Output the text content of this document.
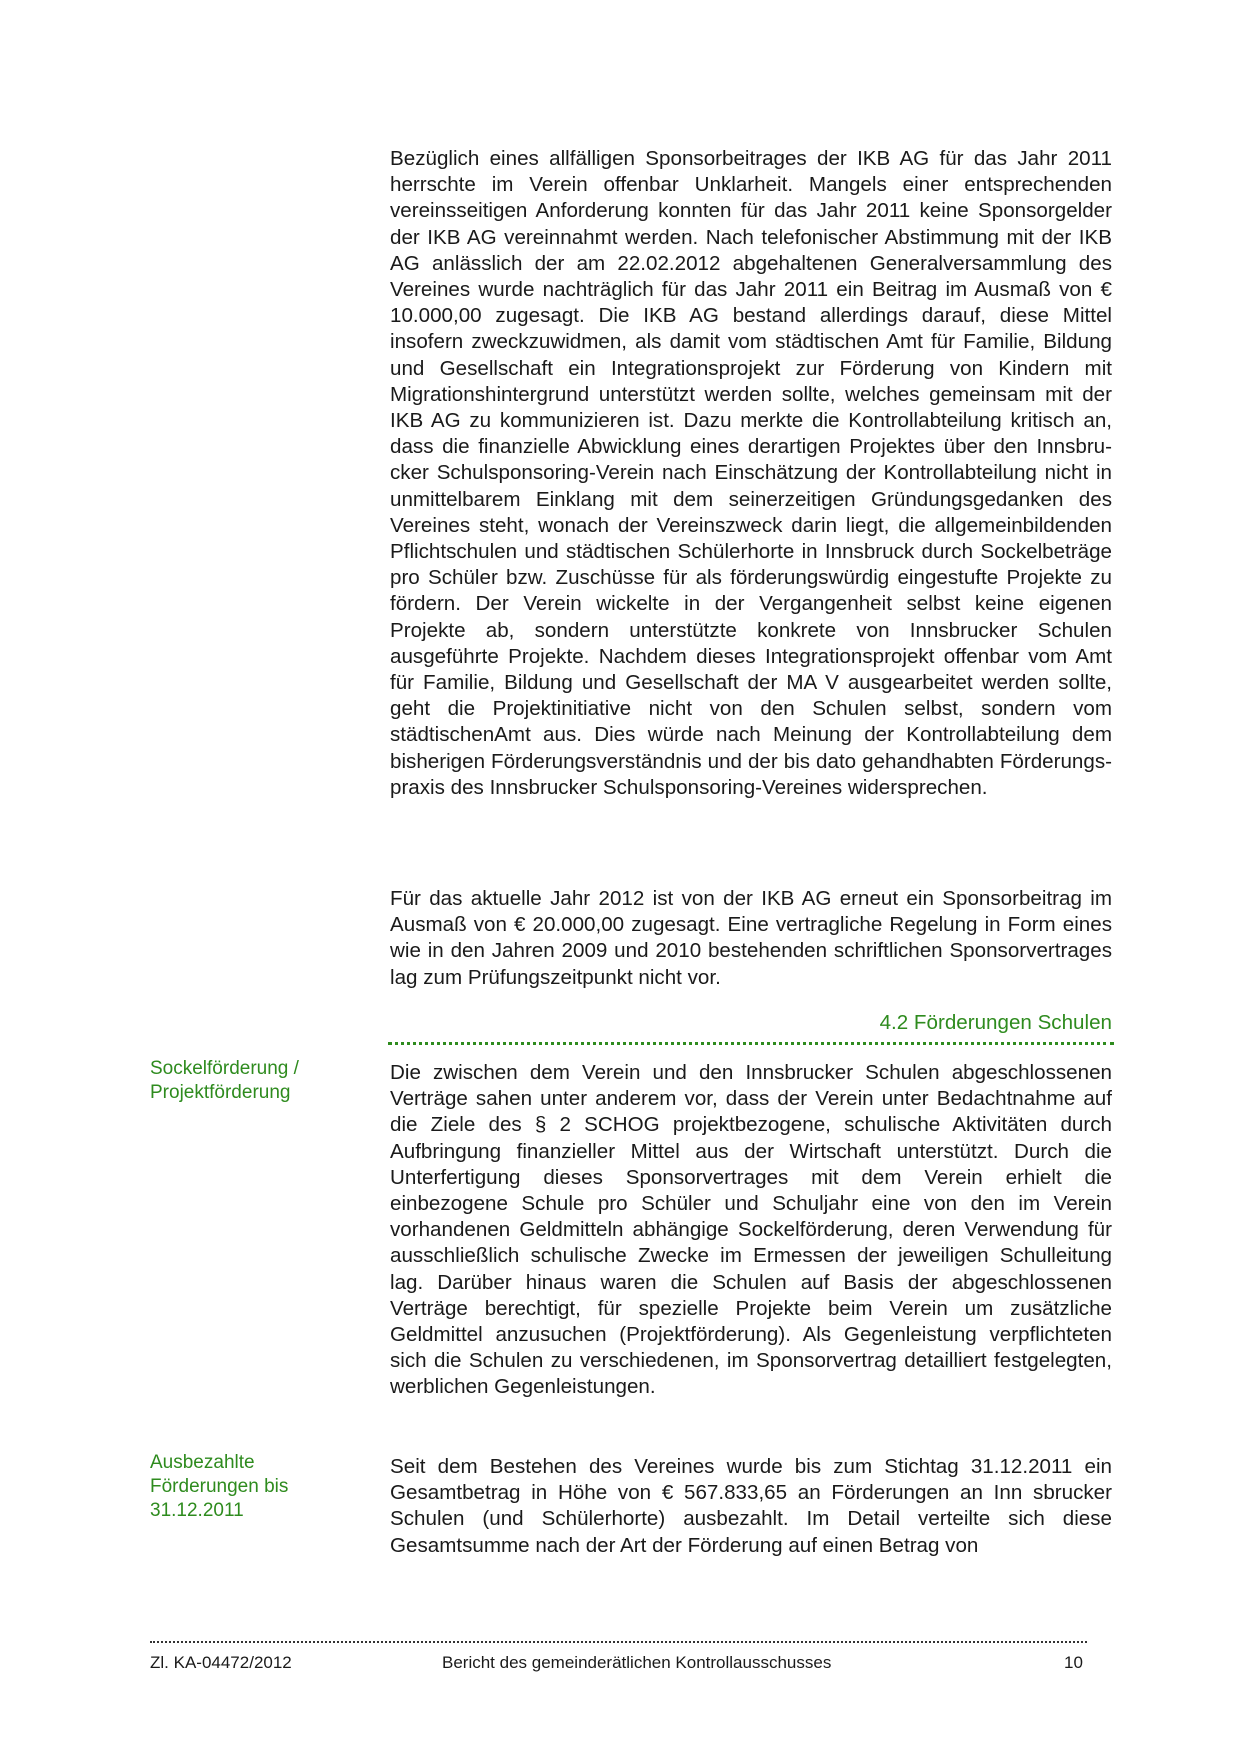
Bezüglich eines allfälligen Sponsorbeitrages der IKB AG für das Jahr 2011 herrschte im Verein offenbar Unklarheit. Mangels einer entsprechenden vereinsseitigen Anforderung konnten für das Jahr 2011 keine Sponsorgelder der IKB AG vereinnahmt werden. Nach telefonischer Abstimmung mit der IKB AG anlässlich der am 22.02.2012 abgehaltenen Generalversammlung des Vereines wurde nachträglich für das Jahr 2011 ein Beitrag im Ausmaß von € 10.000,00 zugesagt. Die IKB AG bestand allerdings darauf, diese Mittel insofern zweckzuwidmen, als damit vom städtischen Amt für Familie, Bildung und Gesellschaft ein Integrationsprojekt zur Förderung von Kindern mit Migrationshintergrund unterstützt werden sollte, welches gemeinsam mit der IKB AG zu kommunizieren ist. Dazu merkte die Kontrollabteilung kritisch an, dass die finanzielle Abwicklung eines derartigen Projektes über den Innsbrucker Schulsponsoring-Verein nach Einschätzung der Kontrollabteilung nicht in unmittelbarem Einklang mit dem seinerzeitigen Gründungsgedanken des Vereines steht, wonach der Vereinszweck darin liegt, die allgemeinbildenden Pflichtschulen und städtischen Schülerhorte in Innsbruck durch Sockelbeträge pro Schüler bzw. Zuschüsse für als förderungswürdig eingestufte Projekte zu fördern. Der Verein wickelte in der Vergangenheit selbst keine eigenen Projekte ab, sondern unterstützte konkrete von Innsbrucker Schulen ausgeführte Projekte. Nachdem dieses Integrationsprojekt offenbar vom Amt für Familie, Bildung und Gesellschaft der MA V ausgearbeitet werden sollte, geht die Projektinitiative nicht von den Schulen selbst, sondern vom städtischenAmt aus. Dies würde nach Meinung der Kontrollabteilung dem bisherigen Förderungsverständnis und der bis dato gehandhabten Förderungspraxis des Innsbrucker Schulsponsoring-Vereines widersprechen.

Für das aktuelle Jahr 2012 ist von der IKB AG erneut ein Sponsorbeitrag im Ausmaß von € 20.000,00 zugesagt. Eine vertragliche Regelung in Form eines wie in den Jahren 2009 und 2010 bestehenden schriftlichen Sponsorvertrages lag zum Prüfungszeitpunkt nicht vor.

4.2 Förderungen Schulen

Sockelförderung / Projektförderung

Die zwischen dem Verein und den Innsbrucker Schulen abgeschlossenen Verträge sahen unter anderem vor, dass der Verein unter Bedachtnahme auf die Ziele des § 2 SCHOG projektbezogene, schulische Aktivitäten durch Aufbringung finanzieller Mittel aus der Wirtschaft unterstützt. Durch die Unterfertigung dieses Sponsorvertrages mit dem Verein erhielt die einbezogene Schule pro Schüler und Schuljahr eine von den im Verein vorhandenen Geldmitteln abhängige Sockelförderung, deren Verwendung für ausschließlich schulische Zwecke im Ermessen der jeweiligen Schulleitung lag. Darüber hinaus waren die Schulen auf Basis der abgeschlossenen Verträge berechtigt, für spezielle Projekte beim Verein um zusätzliche Geldmittel anzusuchen (Projektförderung). Als Gegenleistung verpflichteten sich die Schulen zu verschiedenen, im Sponsorvertrag detailliert festgelegten, werblichen Gegenleistungen.

Ausbezahlte Förderungen bis 31.12.2011

Seit dem Bestehen des Vereines wurde bis zum Stichtag 31.12.2011 ein Gesamtbetrag in Höhe von € 567.833,65 an Förderungen an Inn sbrucker Schulen (und Schülerhorte) ausbezahlt. Im Detail verteilte sich diese Gesamtsumme nach der Art der Förderung auf einen Betrag von

Zl. KA-04472/2012	Bericht des gemeinderätlichen Kontrollausschusses	10
